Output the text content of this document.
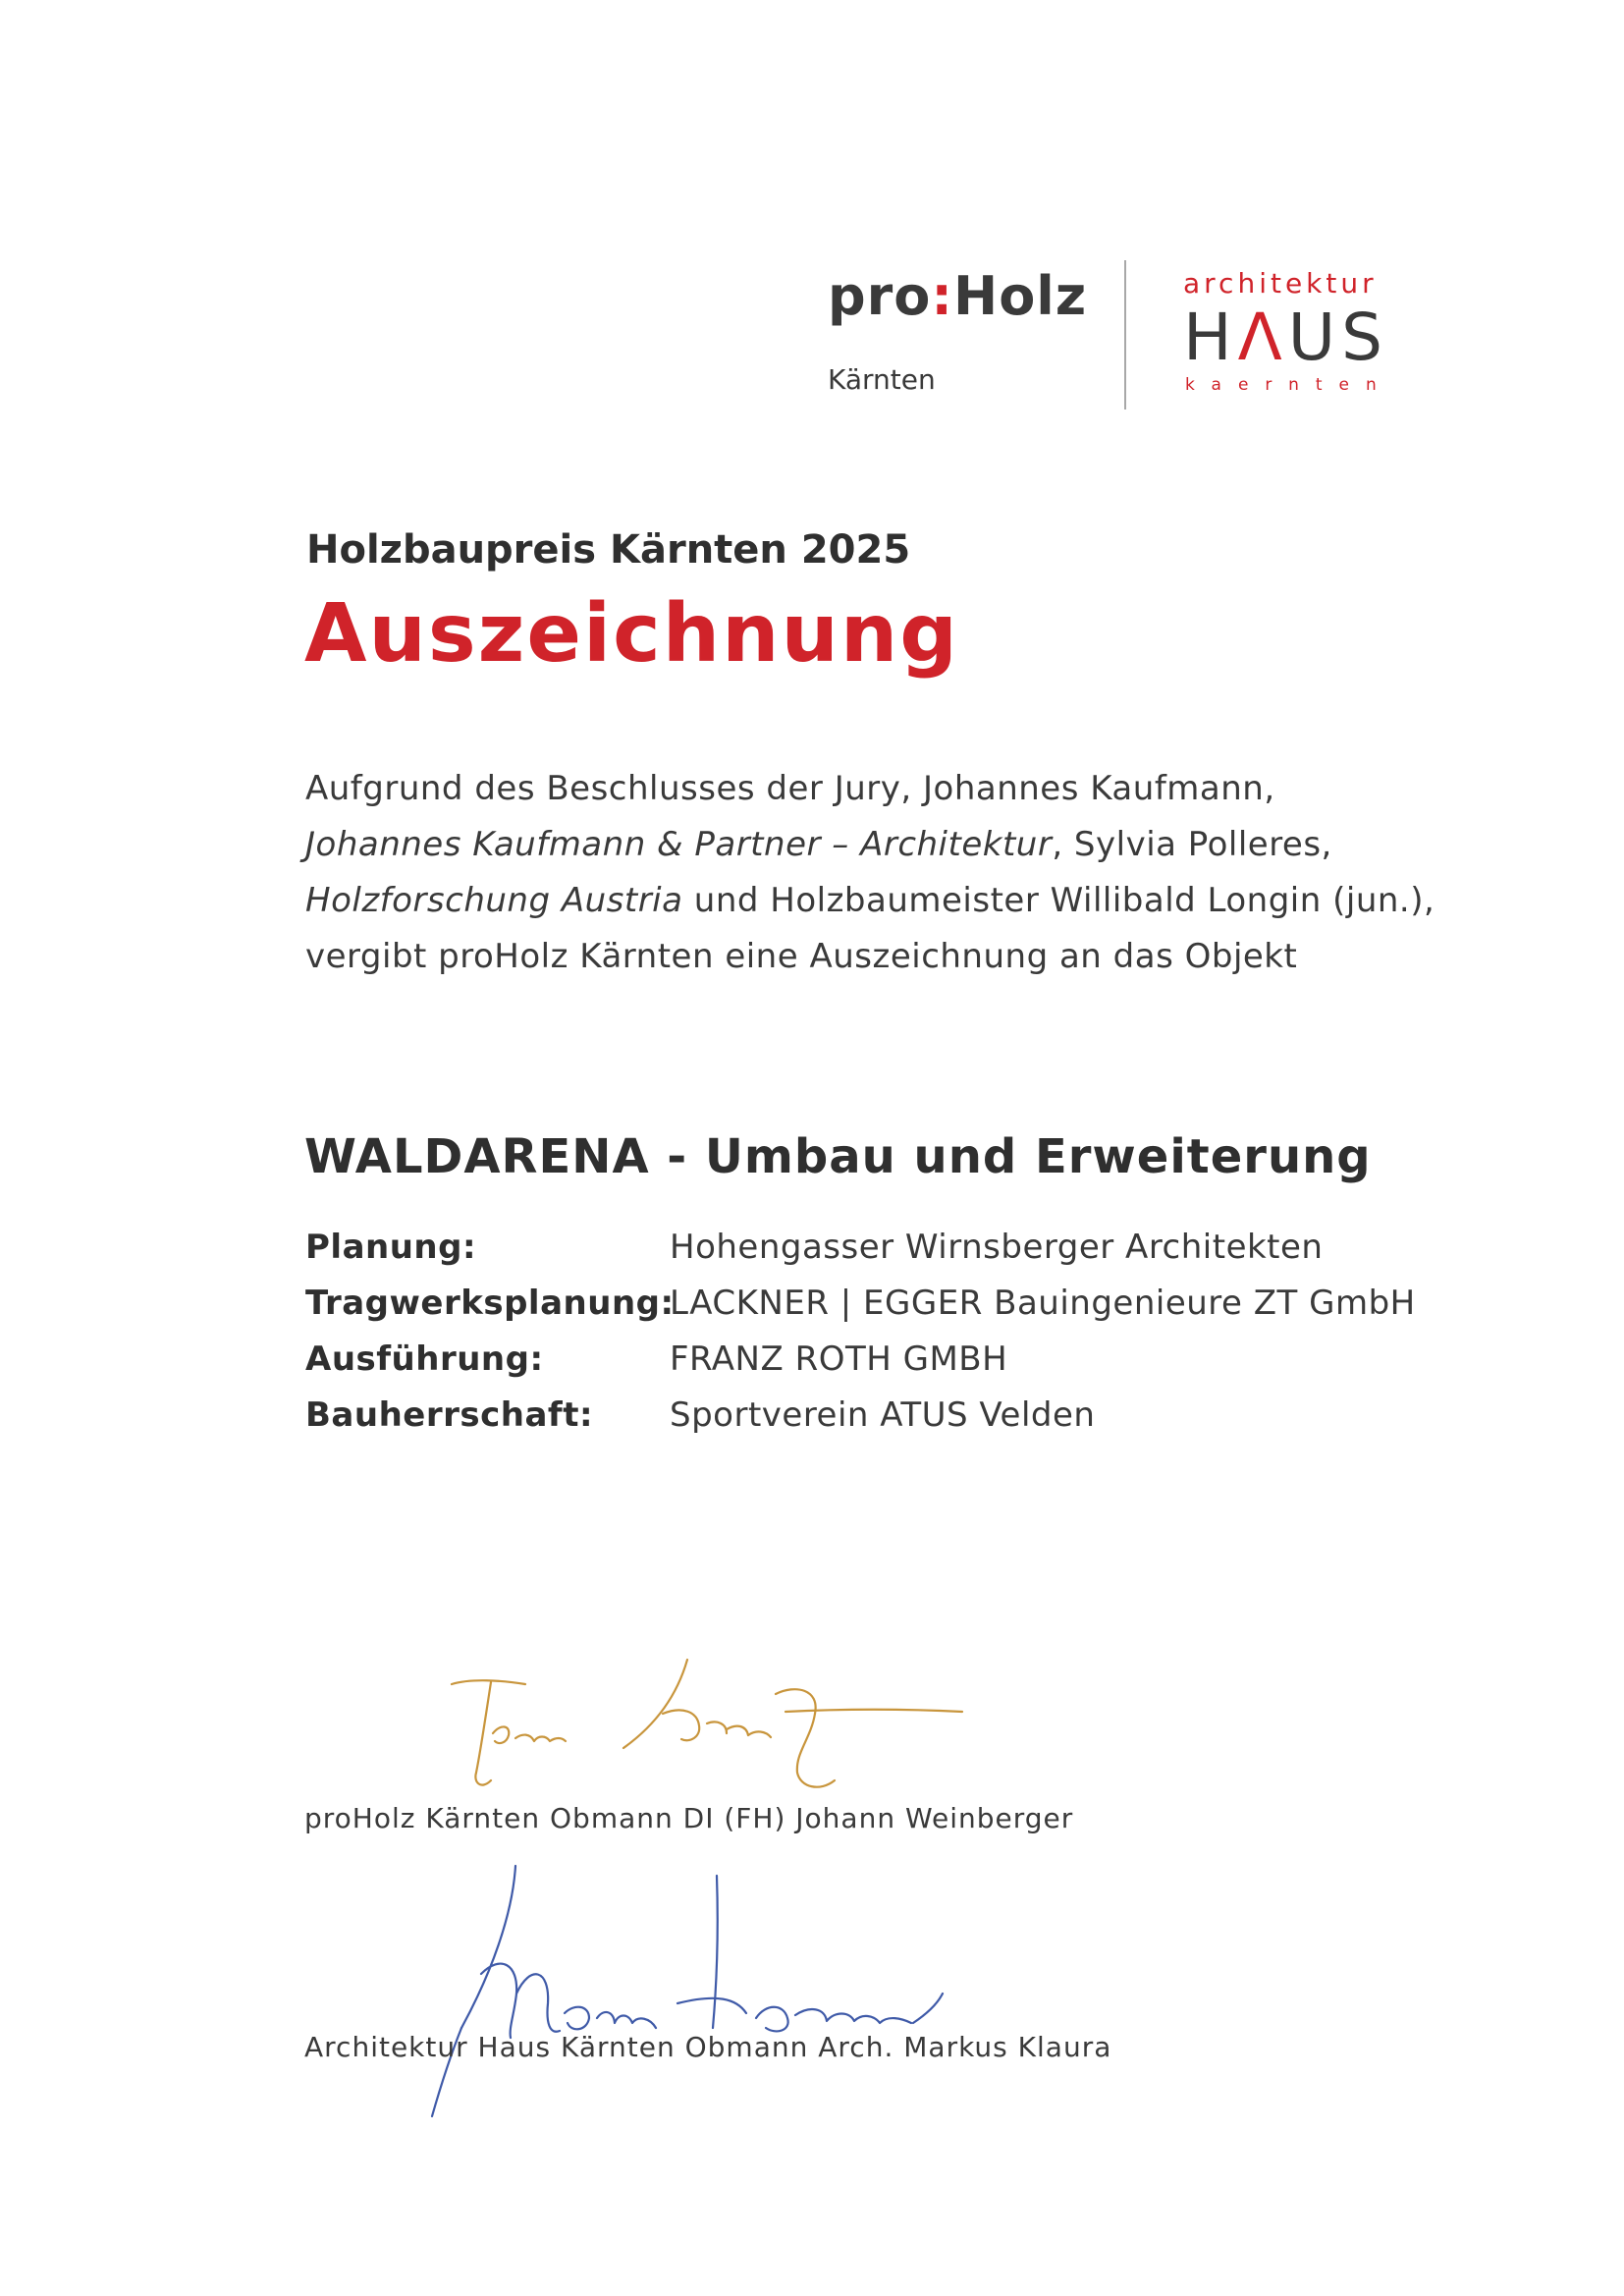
pro:Holz
Kärnten
architektur
HΛUS
kaernten
Holzbaupreis Kärnten 2025
Auszeichnung
Aufgrund des Beschlusses der Jury, Johannes Kaufmann,
Johannes Kaufmann & Partner – Architektur, Sylvia Polleres,
Holzforschung Austria und Holzbaumeister Willibald Longin (jun.),
vergibt proHolz Kärnten eine Auszeichnung an das Objekt
WALDARENA - Umbau und Erweiterung
Planung:	Hohengasser Wirnsberger Architekten
Tragwerksplanung:
LACKNER | EGGER Bauingenieure ZT GmbH
Ausführung:	FRANZ ROTH GMBH
Bauherrschaft: Sportverein ATUS Velden
proHolz Kärnten Obmann DI (FH) Johann Weinberger
Architektur Haus Kärnten Obmann Arch. Markus Klaura
